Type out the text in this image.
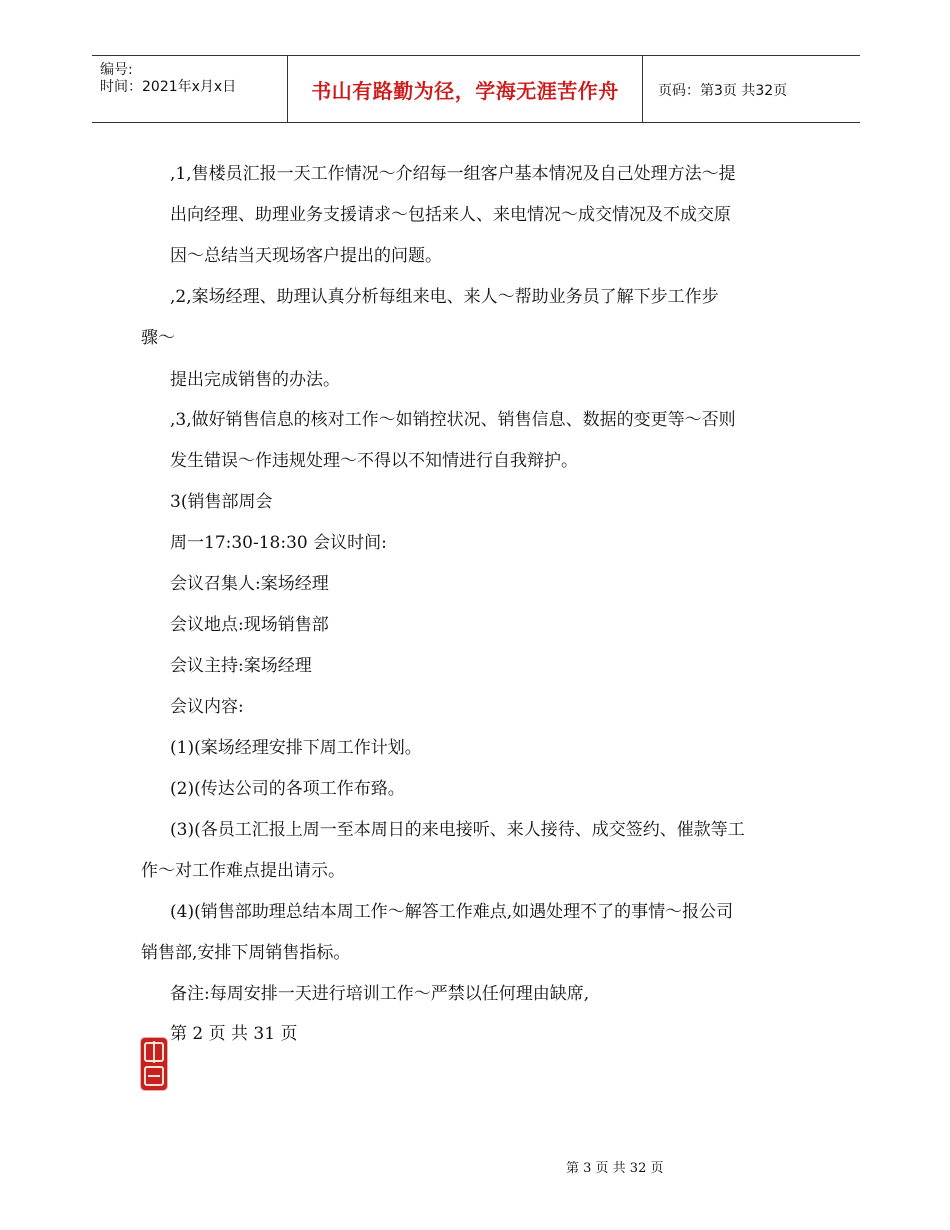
编号:
时间：2021年x月x日	书山有路勤为径，学海无涯苦作舟	页码：第3页 共32页
,1,售楼员汇报一天工作情况～介绍每一组客户基本情况及自己处理方法～提
出向经理、助理业务支援请求～包括来人、来电情况～成交情况及不成交原
因～总结当天现场客户提出的问题。
,2,案场经理、助理认真分析每组来电、来人～帮助业务员了解下步工作步
骤～
提出完成销售的办法。
,3,做好销售信息的核对工作～如销控状况、销售信息、数据的变更等～否则
发生错误～作违规处理～不得以不知情进行自我辩护。
3(销售部周会
周一17:30-18:30 会议时间:
会议召集人:案场经理
会议地点:现场销售部
会议主持:案场经理
会议内容:
(1)(案场经理安排下周工作计划。
(2)(传达公司的各项工作布臵。
(3)(各员工汇报上周一至本周日的来电接听、来人接待、成交签约、催款等工
作～对工作难点提出请示。
(4)(销售部助理总结本周工作～解答工作难点,如遇处理不了的事情～报公司
销售部,安排下周销售指标。
备注:每周安排一天进行培训工作～严禁以任何理由缺席,
第 2 页 共 31 页
第 3 页 共 32 页
